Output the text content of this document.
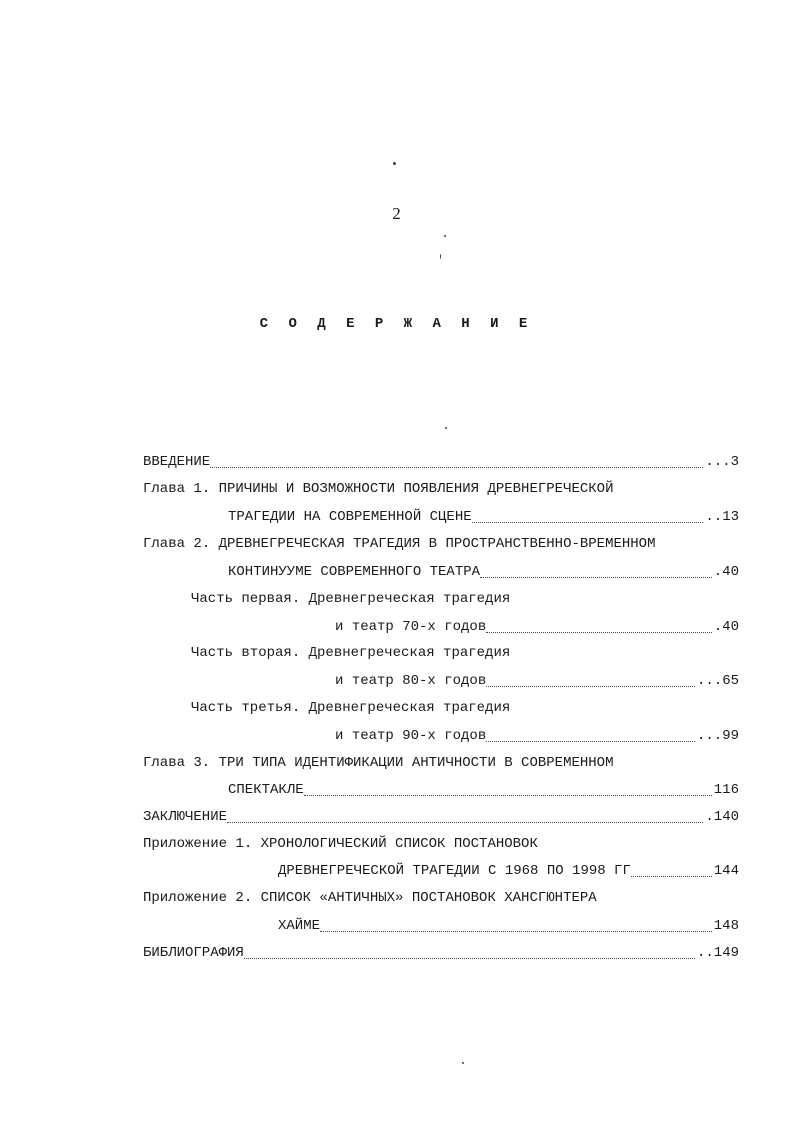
2
С О Д Е Р Ж А Н И Е
ВВЕДЕНИЕ	...3
Глава 1. ПРИЧИНЫ И ВОЗМОЖНОСТИ ПОЯВЛЕНИЯ ДРЕВНЕГРЕЧЕСКОЙ
ТРАГЕДИИ НА СОВРЕМЕННОЙ СЦЕНЕ	..13
Глава 2. ДРЕВНЕГРЕЧЕСКАЯ ТРАГЕДИЯ В ПРОСТРАНСТВЕННО-ВРЕМЕННОМ
КОНТИНУУМЕ СОВРЕМЕННОГО ТЕАТРА	.40
Часть первая. Древнегреческая трагедия
и театр 70-х годов	.40
Часть вторая. Древнегреческая трагедия
и театр 80-х годов	...65
Часть третья. Древнегреческая трагедия
и театр 90-х годов	...99
Глава 3. ТРИ ТИПА ИДЕНТИФИКАЦИИ АНТИЧНОСТИ В СОВРЕМЕННОМ
СПЕКТАКЛЕ	116
ЗАКЛЮЧЕНИЕ	.140
Приложение 1. ХРОНОЛОГИЧЕСКИЙ СПИСОК ПОСТАНОВОК
ДРЕВНЕГРЕЧЕСКОЙ ТРАГЕДИИ С 1968 ПО 1998 ГГ	144
Приложение 2. СПИСОК «АНТИЧНЫХ» ПОСТАНОВОК ХАНСГЮНТЕРА
ХАЙМЕ	148
БИБЛИОГРАФИЯ	..149
